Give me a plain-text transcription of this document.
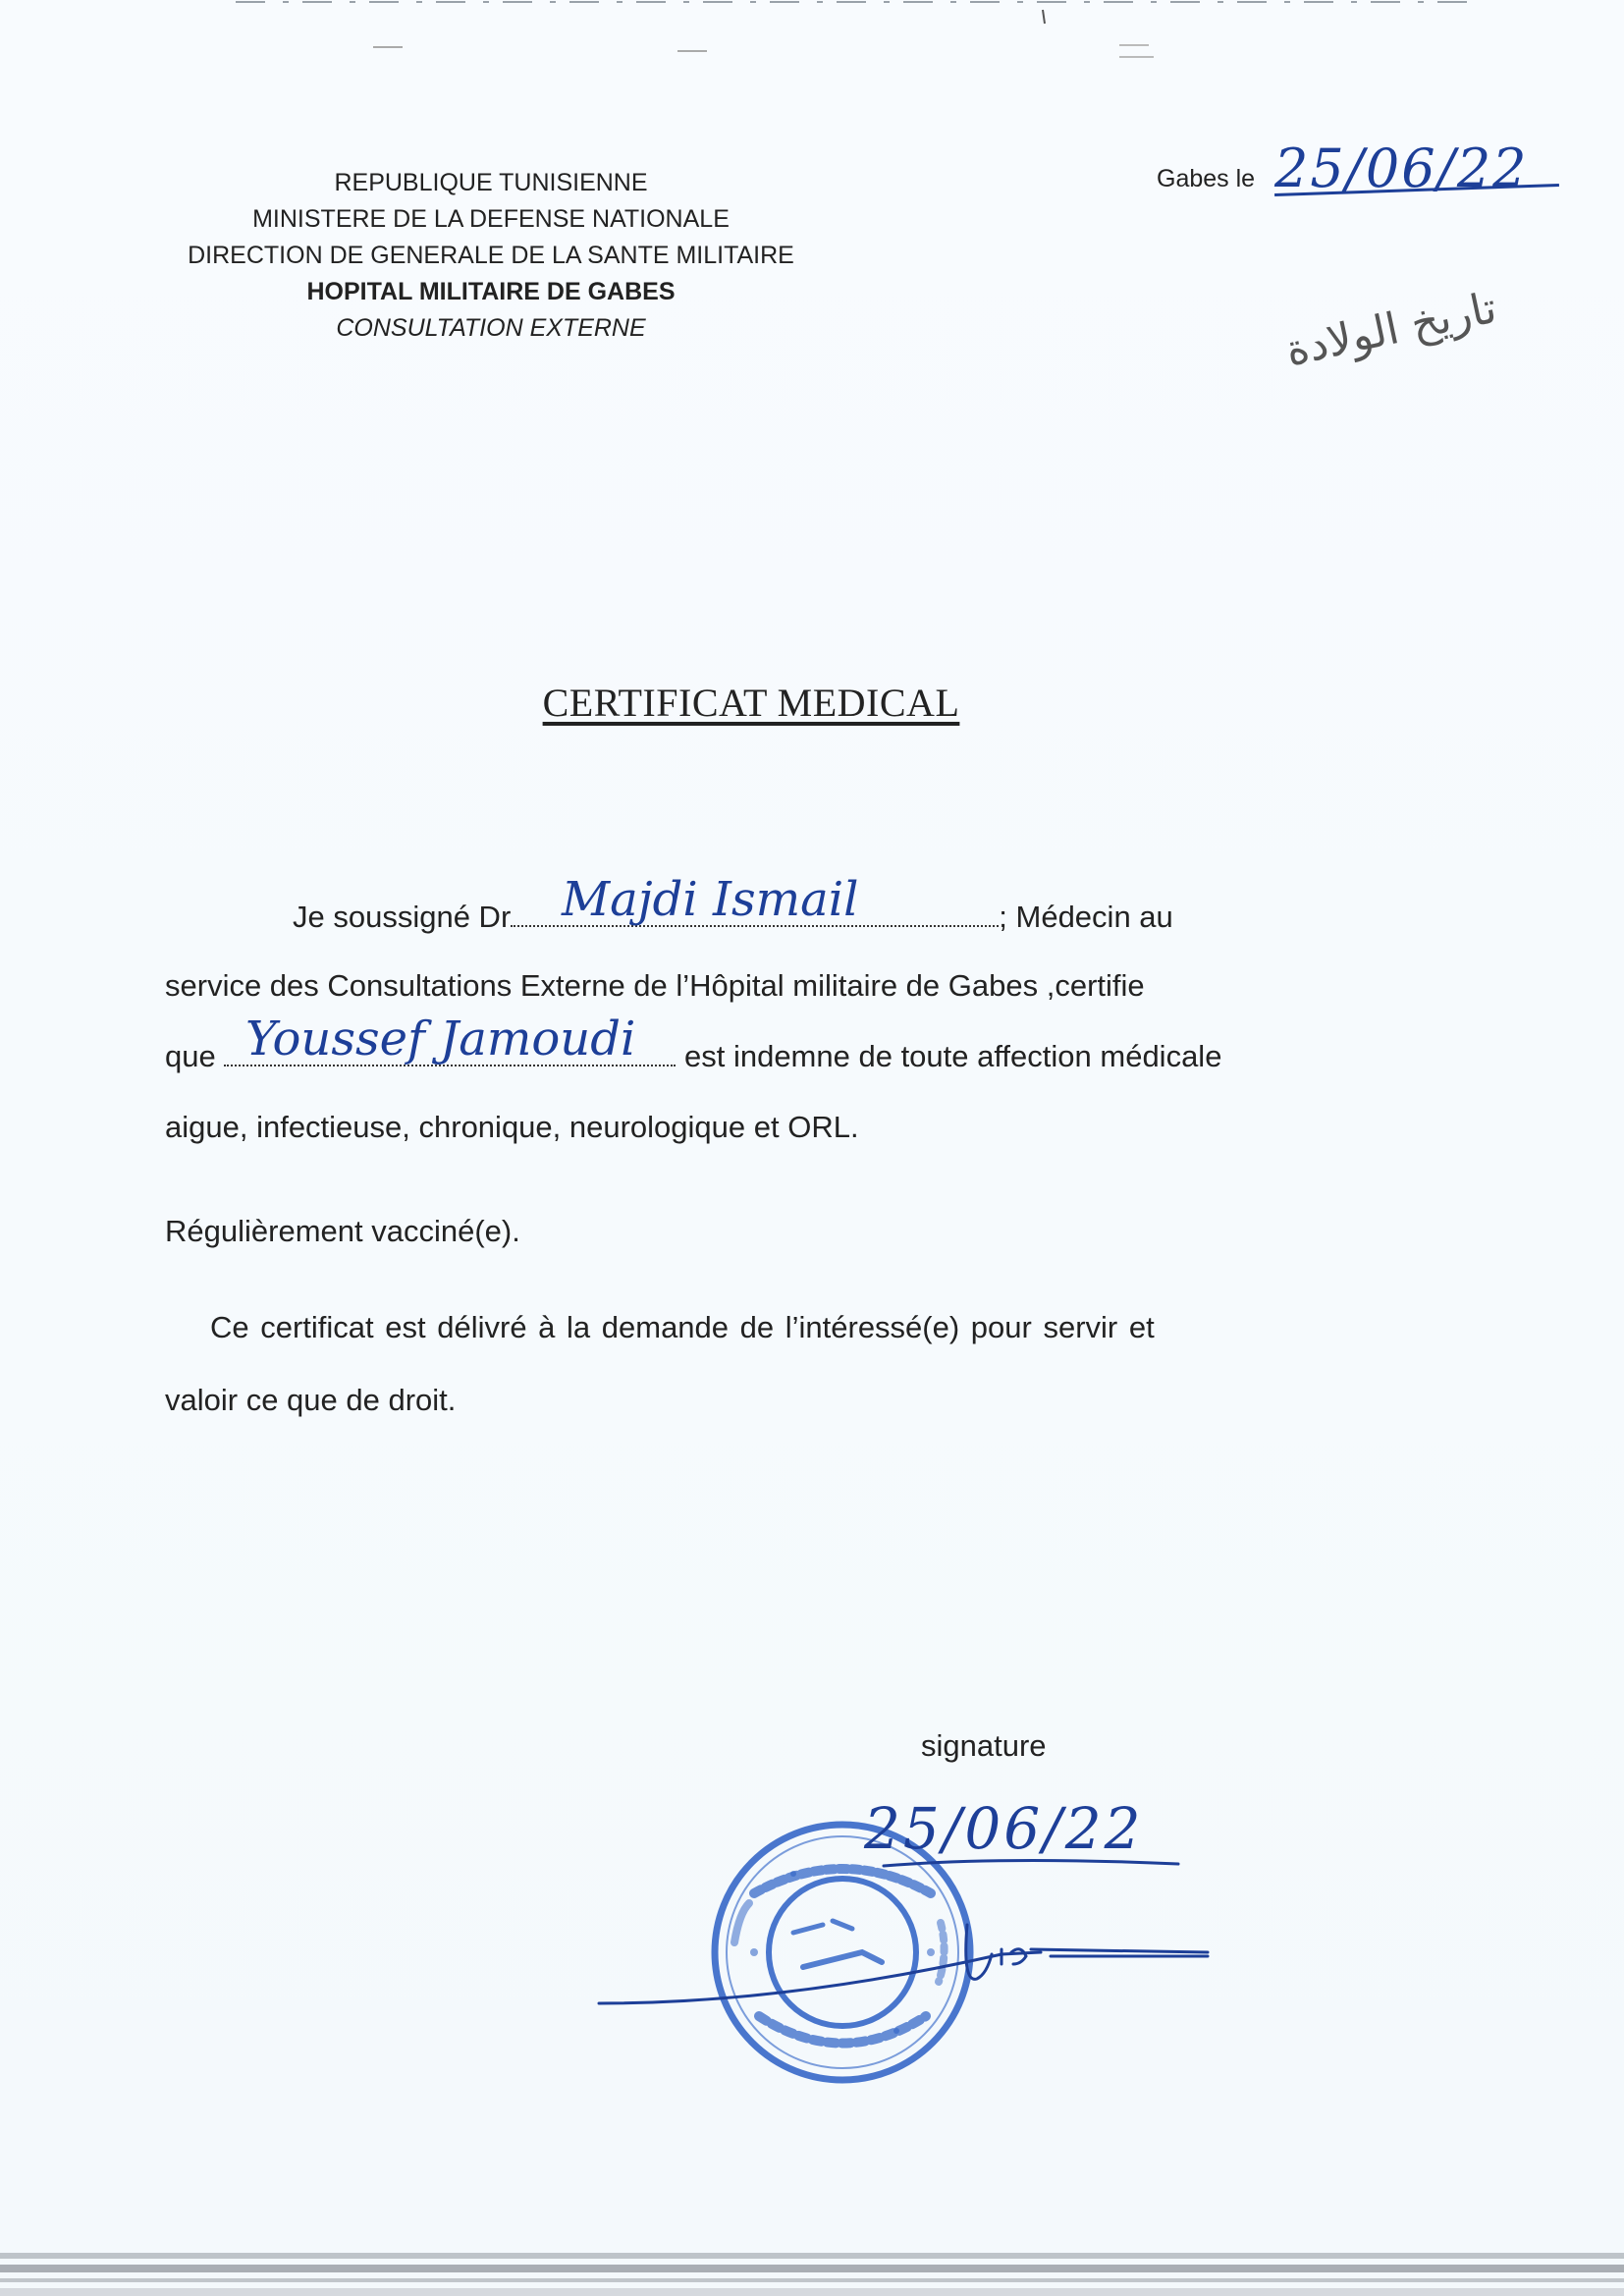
REPUBLIQUE TUNISIENNE
MINISTERE DE LA DEFENSE NATIONALE
DIRECTION DE GENERALE DE LA SANTE MILITAIRE
HOPITAL MILITAIRE DE GABES
CONSULTATION EXTERNE
Gabes le 25/06/22
تاريخ الولادة
CERTIFICAT MEDICAL
Je soussigné Dr	; Médecin au
Majdi Ismail
service des Consultations Externe de l’Hôpital militaire de Gabes ,certifie
que	est indemne de toute affection médicale
Youssef Jamoudi
aigue, infectieuse, chronique, neurologique et ORL.
Régulièrement vacciné(e).
Ce certificat est délivré à la demande de l’intéressé(e) pour servir et
valoir ce que de droit.
signature
25/06/22
